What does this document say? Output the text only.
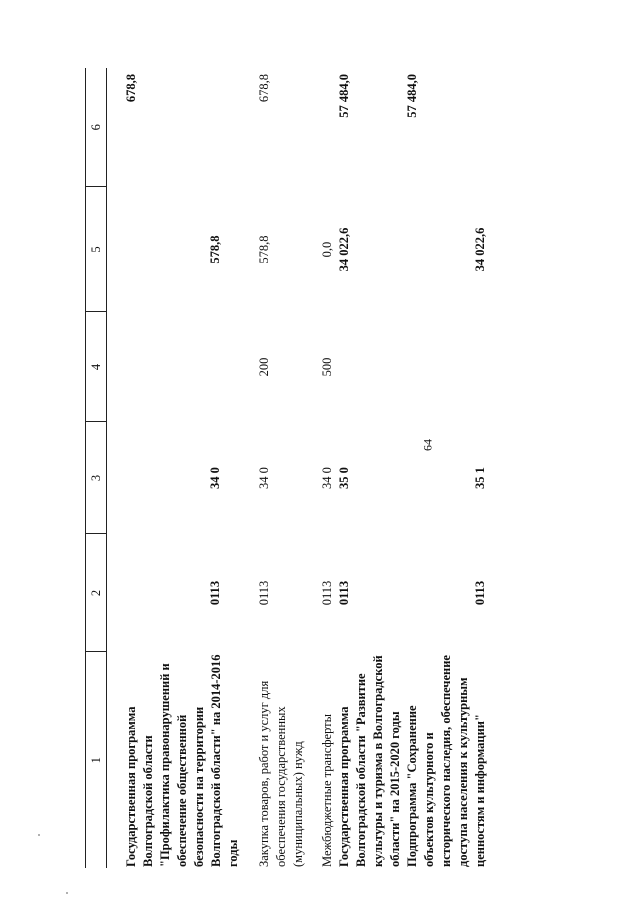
64
1	2	3	4	5	6
Государственная программа Волгоградской области "Профилактика правонарушений и обеспечение общественной безопасности на территории Волгоградской области" на 2014-2016 годы	0113	34 0		578,8	678,8
Закупка товаров, работ и услуг для обеспечения государственных (муниципальных) нужд	0113	34 0	200	578,8	678,8
Межбюджетные трансферты	0113	34 0	500	0,0	
Государственная программа Волгоградской области "Развитие культуры и туризма в Волгоградской области" на 2015-2020 годы	0113	35 0		34 022,6	57 484,0
Подпрограмма "Сохранение объектов культурного и исторического наследия, обеспечение доступа населения к культурным ценностям и информации"	0113	35 1		34 022,6	57 484,0
